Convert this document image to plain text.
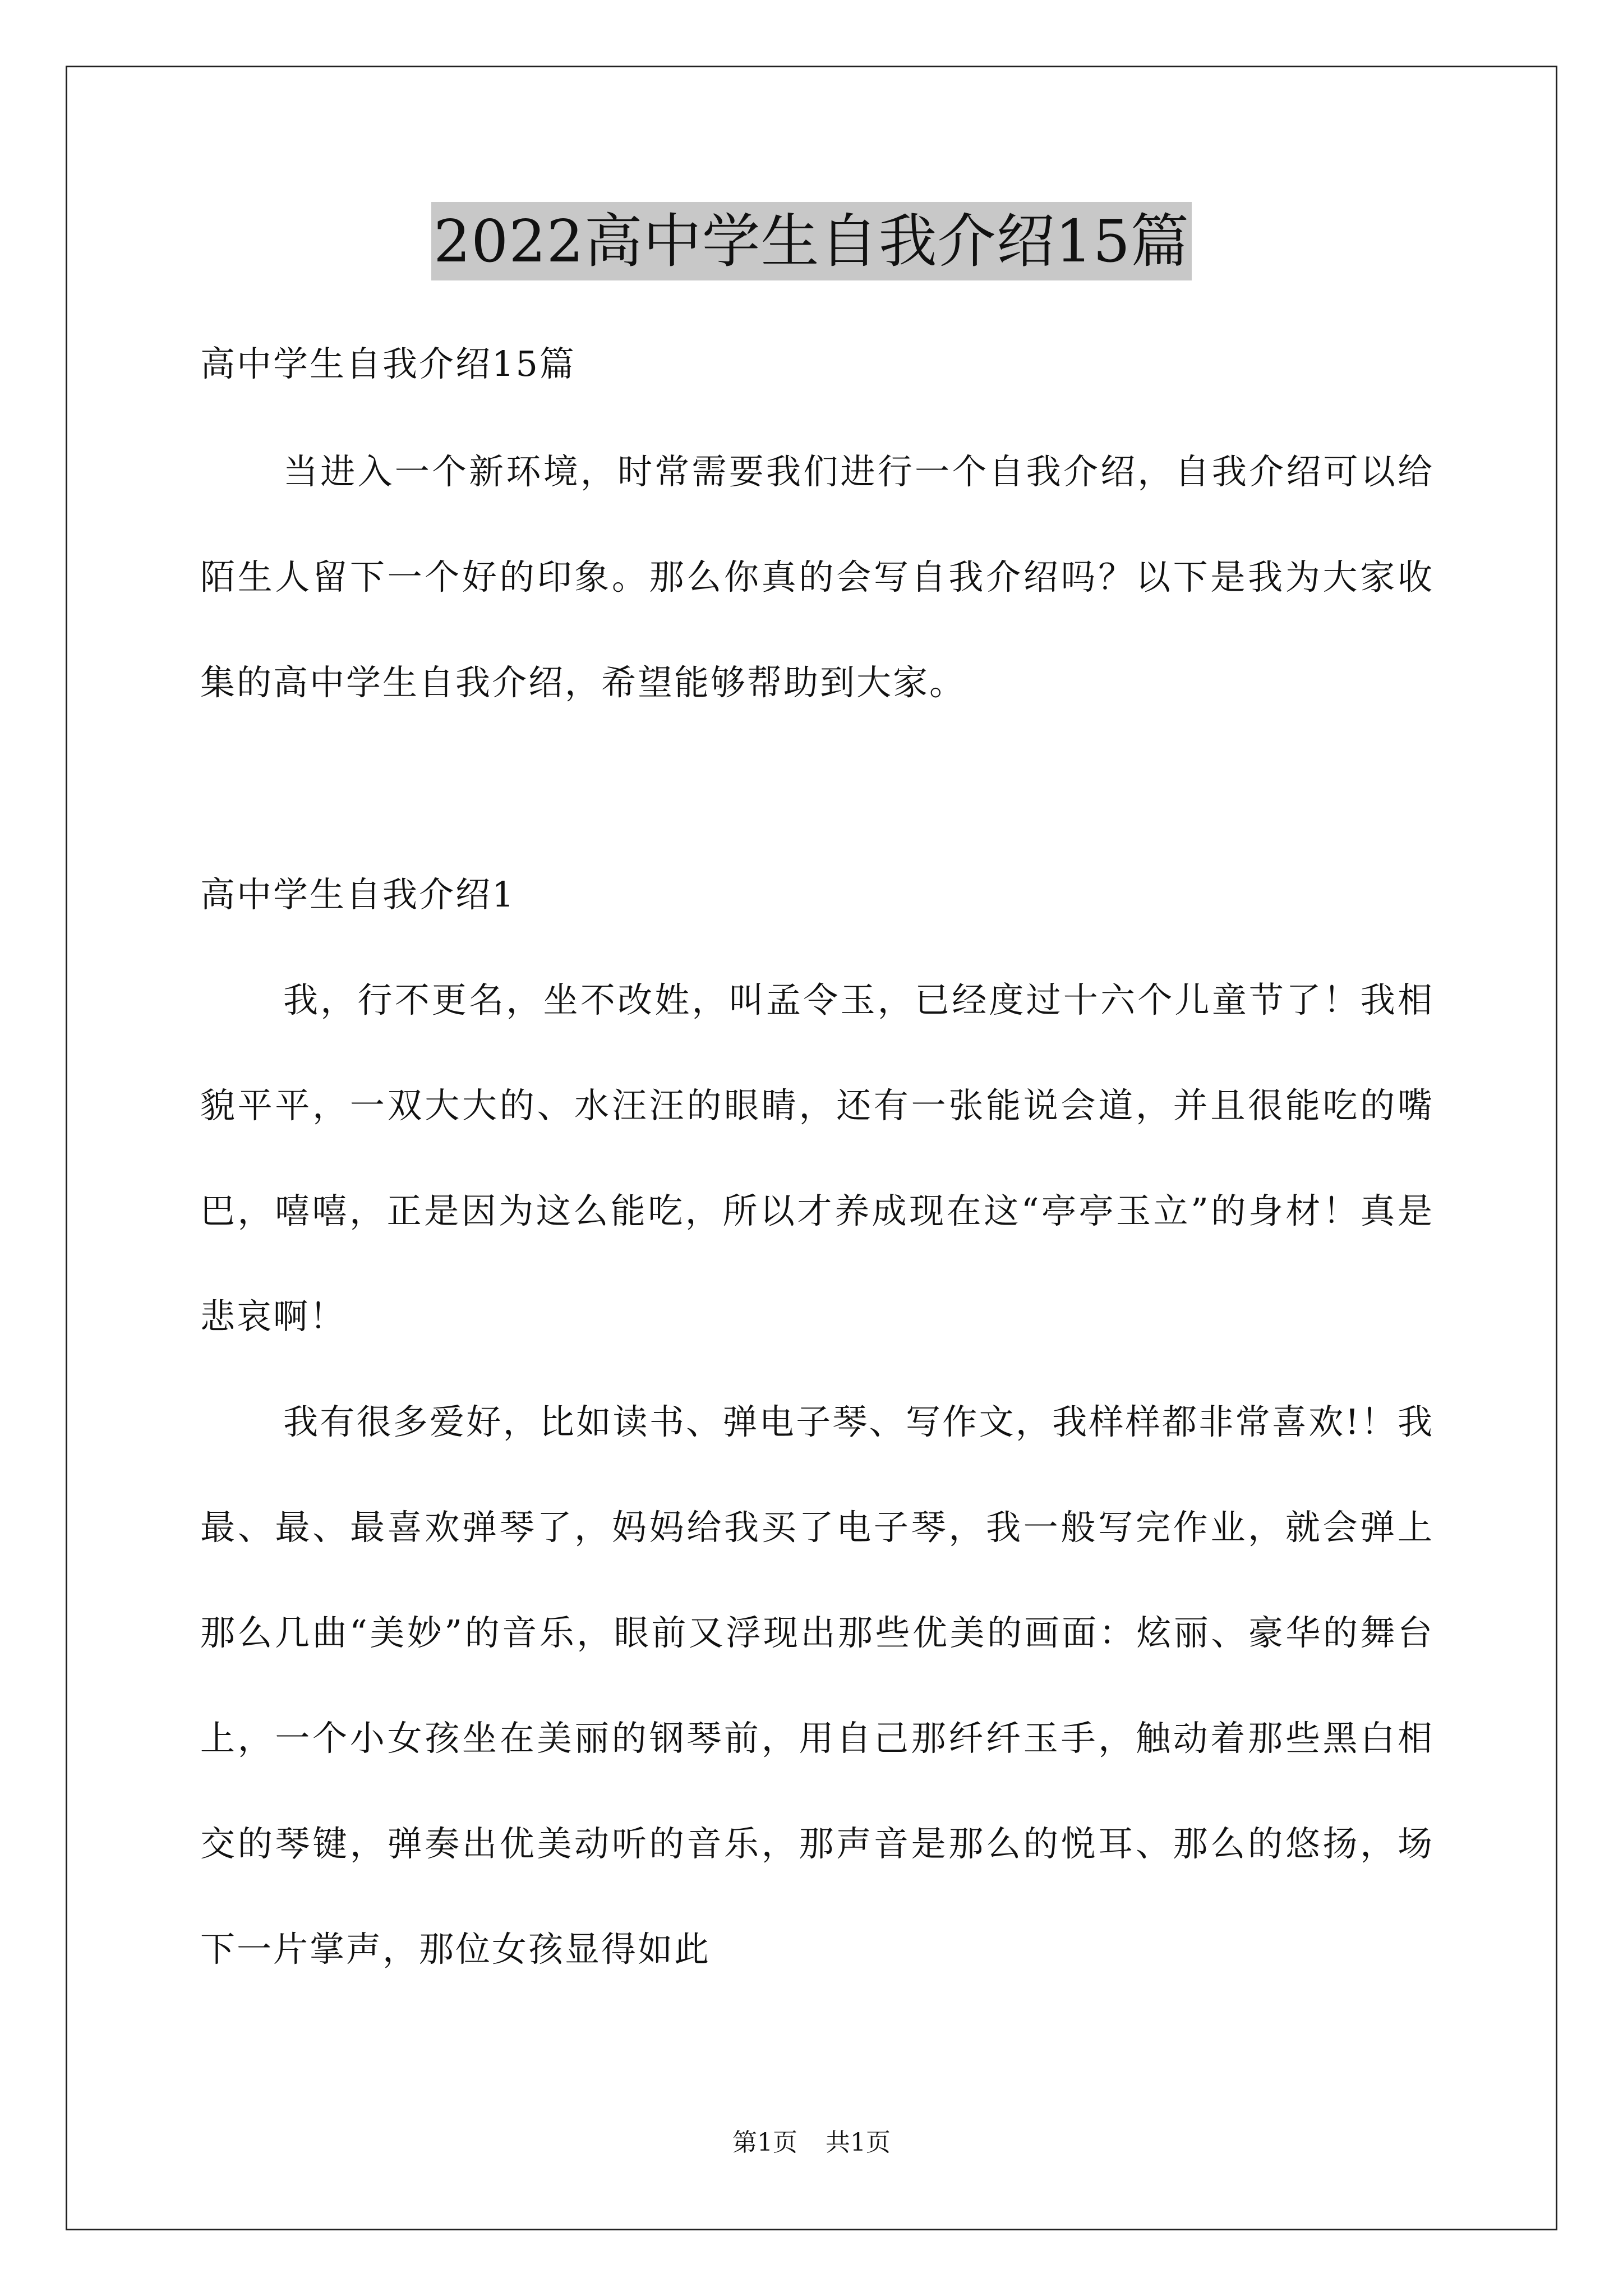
2022高中学生自我介绍15篇

高中学生自我介绍15篇

当进入一个新环境，时常需要我们进行一个自我介绍，自我介绍可以给陌生人留下一个好的印象。那么你真的会写自我介绍吗？以下是我为大家收集的高中学生自我介绍，希望能够帮助到大家。

高中学生自我介绍1

我，行不更名，坐不改姓，叫孟令玉，已经度过十六个儿童节了！我相貌平平，一双大大的、水汪汪的眼睛，还有一张能说会道，并且很能吃的嘴巴，嘻嘻，正是因为这么能吃，所以才养成现在这“亭亭玉立”的身材！真是悲哀啊！

我有很多爱好，比如读书、弹电子琴、写作文，我样样都非常喜欢!！我最、最、最喜欢弹琴了，妈妈给我买了电子琴，我一般写完作业，就会弹上那么几曲“美妙”的音乐，眼前又浮现出那些优美的画面：炫丽、豪华的舞台上，一个小女孩坐在美丽的钢琴前，用自己那纤纤玉手，触动着那些黑白相交的琴键，弹奏出优美动听的音乐，那声音是那么的悦耳、那么的悠扬，场下一片掌声，那位女孩显得如此

第1页 共1页
